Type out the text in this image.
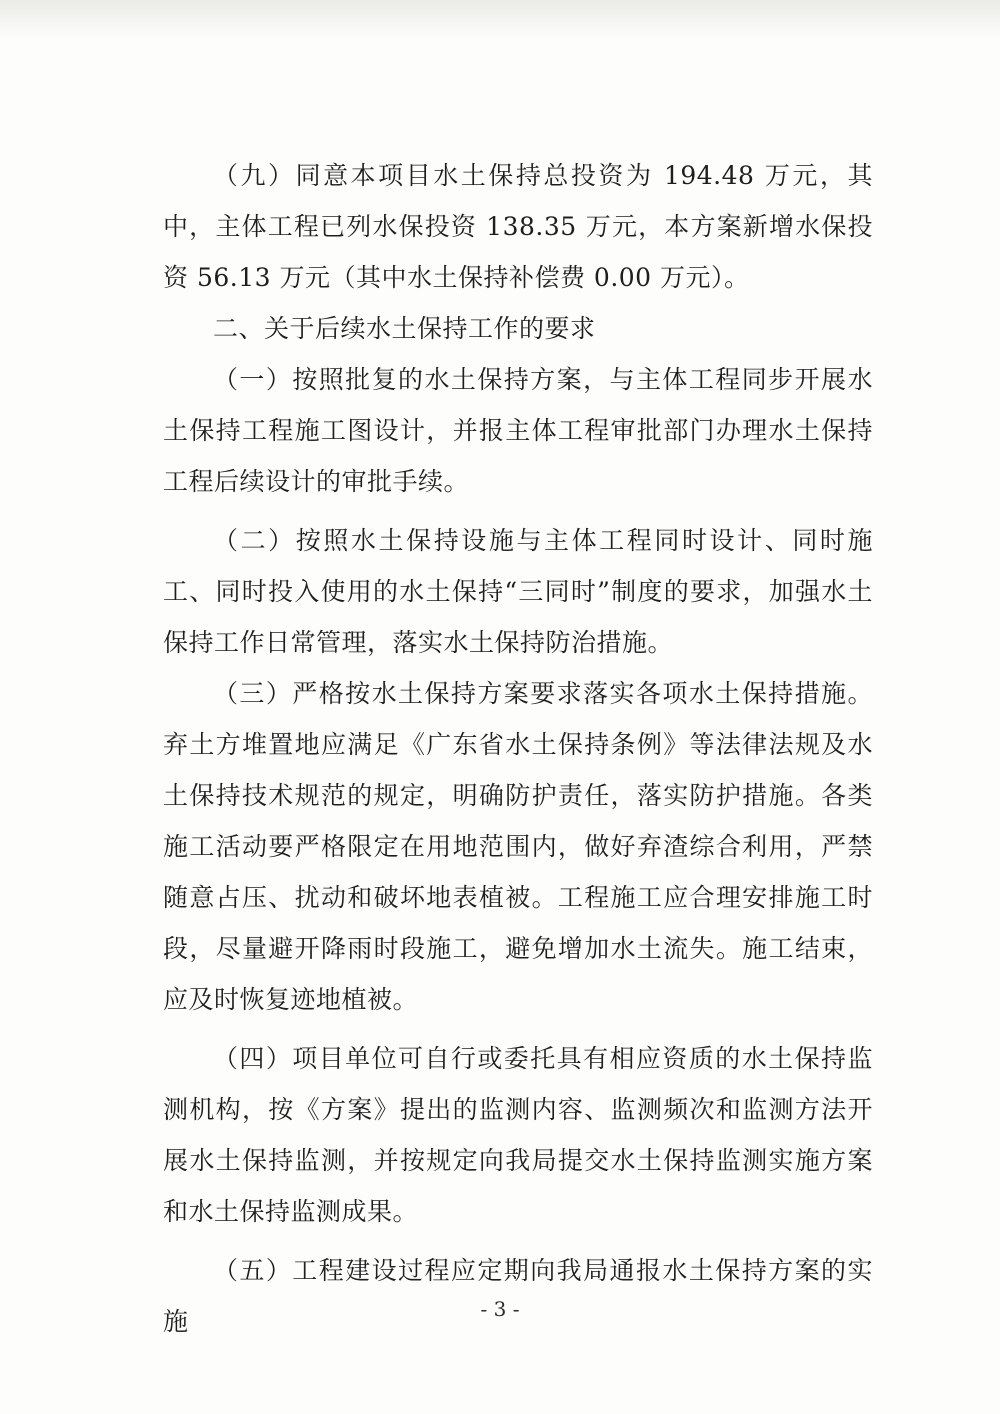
（九）同意本项目水土保持总投资为 194.48 万元，其中，主体工程已列水保投资 138.35 万元，本方案新增水保投资 56.13 万元（其中水土保持补偿费 0.00 万元）。

二、关于后续水土保持工作的要求

（一）按照批复的水土保持方案，与主体工程同步开展水土保持工程施工图设计，并报主体工程审批部门办理水土保持工程后续设计的审批手续。

（二）按照水土保持设施与主体工程同时设计、同时施工、同时投入使用的水土保持“三同时”制度的要求，加强水土保持工作日常管理，落实水土保持防治措施。

（三）严格按水土保持方案要求落实各项水土保持措施。弃土方堆置地应满足《广东省水土保持条例》等法律法规及水土保持技术规范的规定，明确防护责任，落实防护措施。各类施工活动要严格限定在用地范围内，做好弃渣综合利用，严禁随意占压、扰动和破坏地表植被。工程施工应合理安排施工时段，尽量避开降雨时段施工，避免增加水土流失。施工结束，应及时恢复迹地植被。

（四）项目单位可自行或委托具有相应资质的水土保持监测机构，按《方案》提出的监测内容、监测频次和监测方法开展水土保持监测，并按规定向我局提交水土保持监测实施方案和水土保持监测成果。

（五）工程建设过程应定期向我局通报水土保持方案的实施	- 3 -
